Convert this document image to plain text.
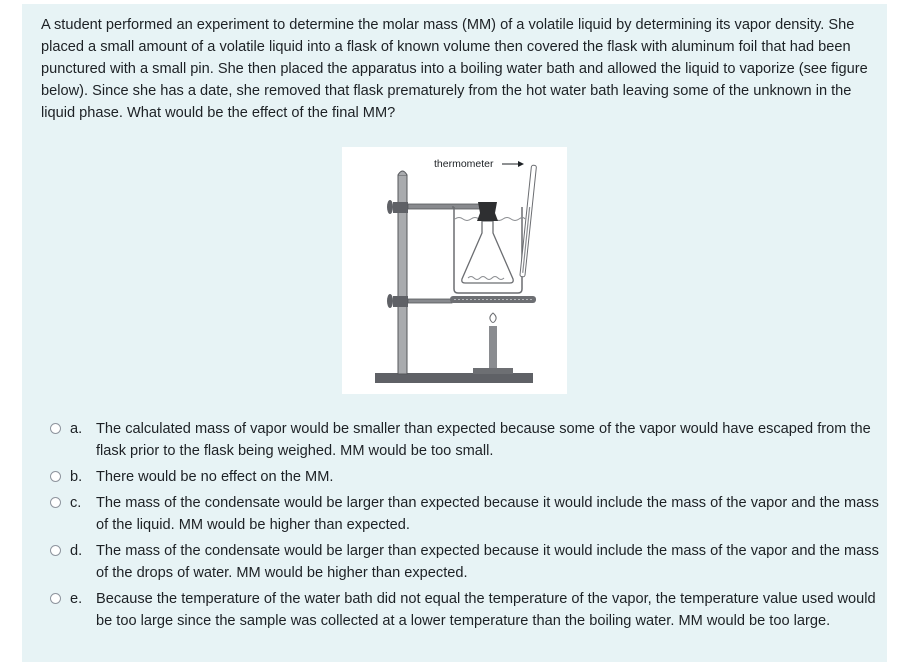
A student performed an experiment to determine the molar mass (MM) of a volatile liquid by determining its vapor density. She placed a small amount of a volatile liquid into a flask of known volume then covered the flask with aluminum foil that had been punctured with a small pin. She then placed the apparatus into a boiling water bath and allowed the liquid to vaporize (see figure below). Since she has a date, she removed that flask prematurely from the hot water bath leaving some of the unknown in the liquid phase. What would be the effect of the final MM?
thermometer
a. The calculated mass of vapor would be smaller than expected because some of the vapor would have escaped from the flask prior to the flask being weighed. MM would be too small.
b. There would be no effect on the MM.
c.	The mass of the condensate would be larger than expected because it would include the mass of the vapor and the mass of the liquid. MM would be higher than expected.
d. The mass of the condensate would be larger than expected because it would include the mass of the vapor and the mass of the drops of water. MM would be higher than expected.
e. Because the temperature of the water bath did not equal the temperature of the vapor, the temperature value used would be too large since the sample was collected at a lower temperature than the boiling water. MM would be too large.
